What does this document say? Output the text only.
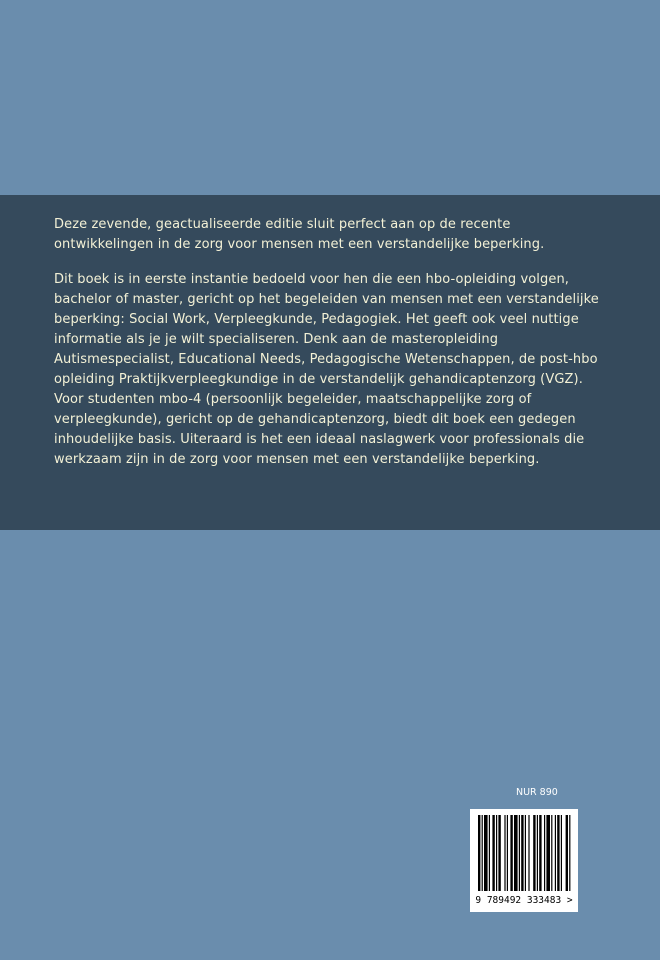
Deze zevende, geactualiseerde editie sluit perfect aan op de recente ontwikkelingen in de zorg voor mensen met een verstandelijke beperking.

Dit boek is in eerste instantie bedoeld voor hen die een hbo-opleiding volgen, bachelor of master, gericht op het begeleiden van mensen met een verstandelijke beperking: Social Work, Verpleegkunde, Pedagogiek. Het geeft ook veel nuttige informatie als je je wilt specialiseren. Denk aan de masteropleiding Autismespecialist, Educational Needs, Pedagogische Wetenschappen, de post-hbo opleiding Praktijkverpleegkundige in de verstandelijk gehandicaptenzorg (VGZ). Voor studenten mbo-4 (persoonlijk begeleider, maatschappelijke zorg of verpleegkunde), gericht op de gehandicaptenzorg, biedt dit boek een gedegen inhoudelijke basis. Uiteraard is het een ideaal naslagwerk voor professionals die werkzaam zijn in de zorg voor mensen met een verstandelijke beperking.

NUR 890
9 789492 333483 >
